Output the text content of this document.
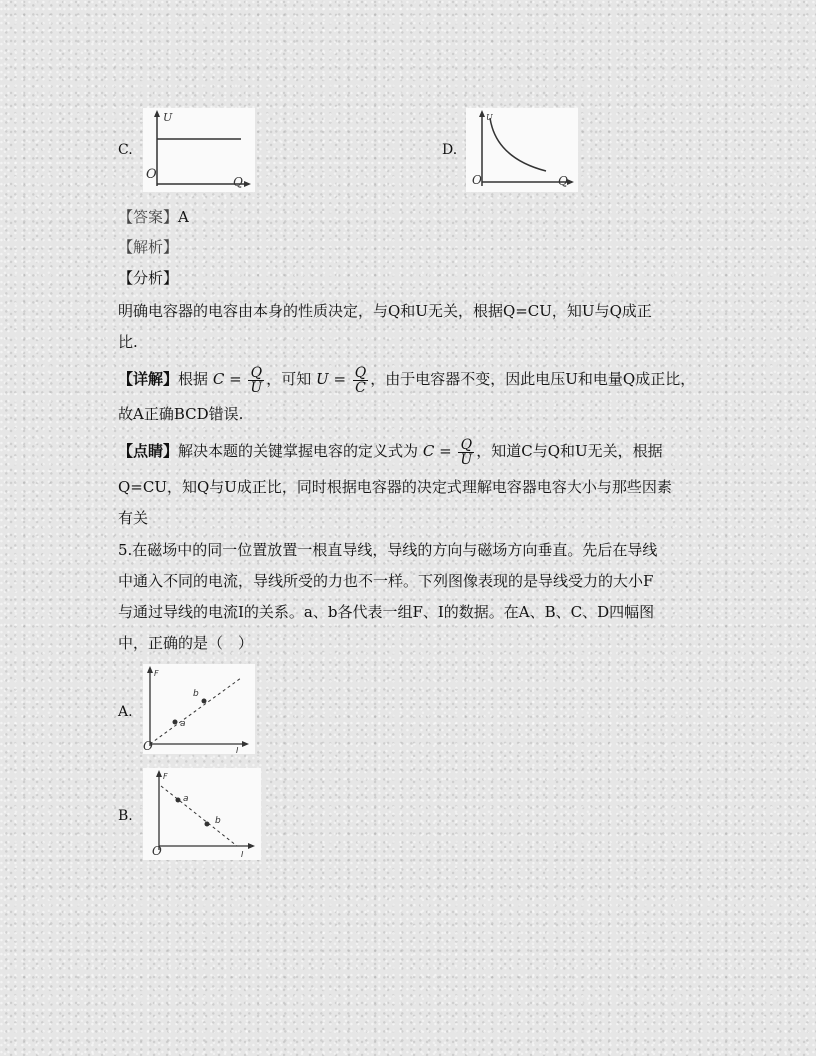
C.
U
Q
O
D.
U
Q
O
【答案】A
【解析】
【分析】
明确电容器的电容由本身的性质决定，与Q和U无关，根据Q=CU，知U与Q成正
比.
【详解】根据 $C = \frac{Q}{U}$ ，可知 $U = \frac{Q}{C}$ ，由于电容器不变，因此电压U和电量Q成正比，
故A正确BCD错误.
【点睛】解决本题的关键掌握电容的定义式为 $C = \frac{Q}{U}$ ，知道C与Q和U无关，根据
Q=CU，知Q与U成正比，同时根据电容器的决定式理解电容器电容大小与那些因素
有关
5.在磁场中的同一位置放置一根直导线，导线的方向与磁场方向垂直。先后在导线
中通入不同的电流，导线所受的力也不一样。下列图像表现的是导线受力的大小F
与通过导线的电流I的关系。a、b各代表一组F、I的数据。在A、B、C、D四幅图
中，正确的是（　）
A.
a
b
F
I
O
B.
a
b
F
I
O
